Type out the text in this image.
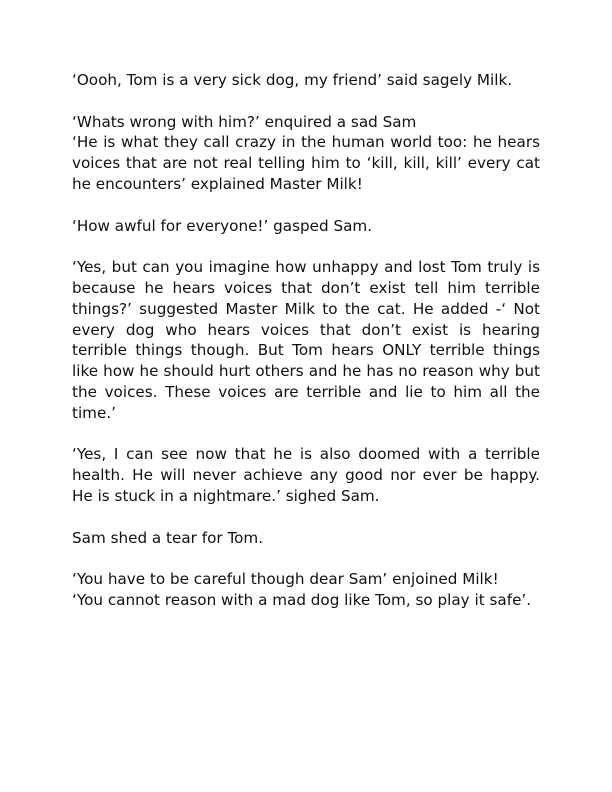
‘Oooh, Tom is a very sick dog, my friend’ said sagely Milk.

‘Whats wrong with him?’ enquired a sad Sam

‘He is what they call crazy in the human world too: he hears voices that are not real telling him to ‘kill, kill, kill’ every cat he encounters’ explained Master Milk!

‘How awful for everyone!’ gasped Sam.

‘Yes, but can you imagine how unhappy and lost Tom truly is because he hears voices that don’t exist tell him terrible things?’ suggested Master Milk to the cat. He added -‘ Not every dog who hears voices that don’t exist is hearing terrible things though. But Tom hears ONLY terrible things like how he should hurt others and he has no reason why but the voices. These voices are terrible and lie to him all the time.’

‘Yes, I can see now that he is also doomed with a terrible health. He will never achieve any good nor ever be happy. He is stuck in a nightmare.’ sighed Sam.

Sam shed a tear for Tom.

‘You have to be careful though dear Sam’ enjoined Milk!

‘You cannot reason with a mad dog like Tom, so play it safe’.
